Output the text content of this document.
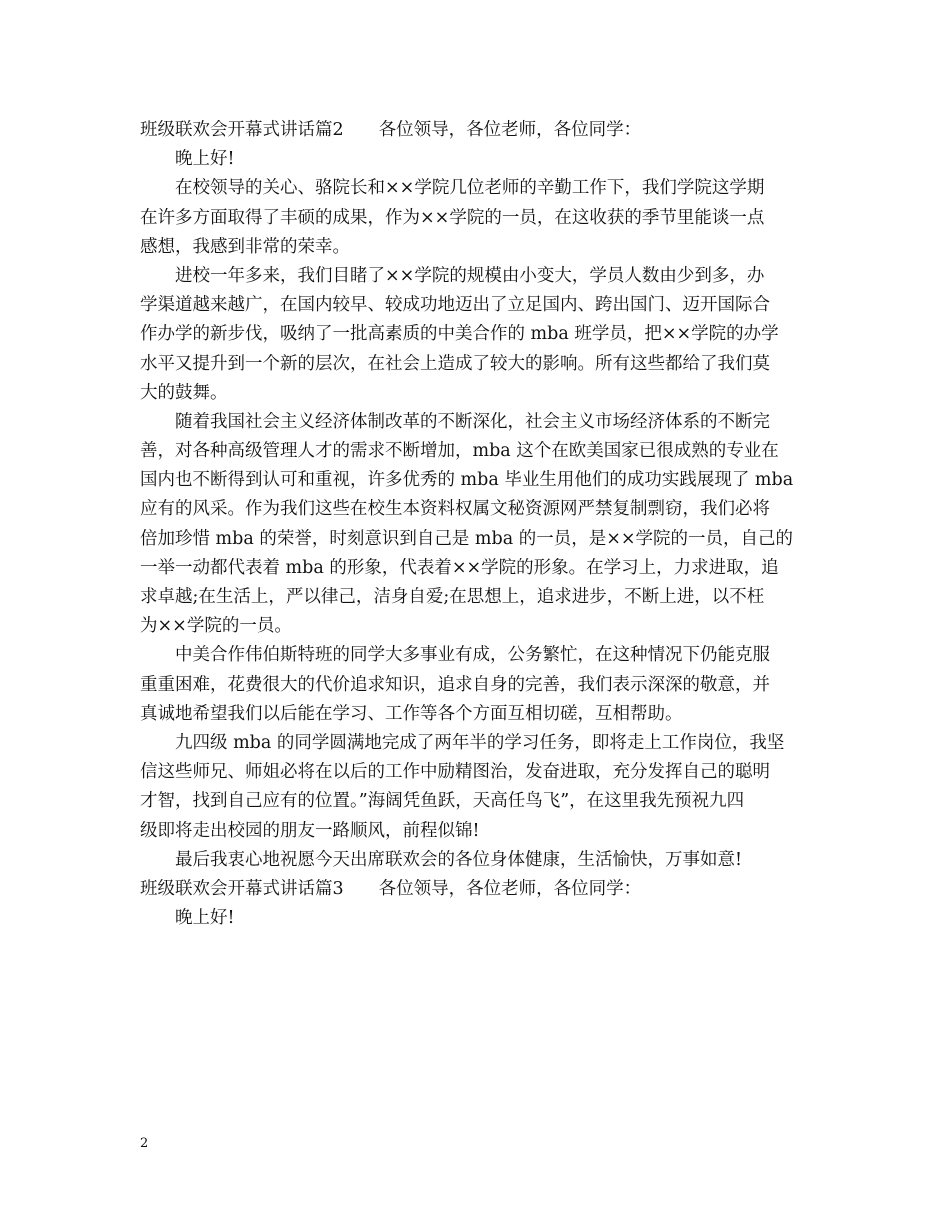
班级联欢会开幕式讲话篇2　　各位领导，各位老师，各位同学：
晚上好!
在校领导的关心、骆院长和××学院几位老师的辛勤工作下，我们学院这学期
在许多方面取得了丰硕的成果，作为××学院的一员，在这收获的季节里能谈一点
感想，我感到非常的荣幸。
进校一年多来，我们目睹了××学院的规模由小变大，学员人数由少到多，办
学渠道越来越广，在国内较早、较成功地迈出了立足国内、跨出国门、迈开国际合
作办学的新步伐，吸纳了一批高素质的中美合作的 mba 班学员，把××学院的办学
水平又提升到一个新的层次，在社会上造成了较大的影响。所有这些都给了我们莫
大的鼓舞。
随着我国社会主义经济体制改革的不断深化，社会主义市场经济体系的不断完
善，对各种高级管理人才的需求不断增加，mba 这个在欧美国家已很成熟的专业在
国内也不断得到认可和重视，许多优秀的 mba 毕业生用他们的成功实践展现了 mba
应有的风采。作为我们这些在校生本资料权属文秘资源网严禁复制剽窃，我们必将
倍加珍惜 mba 的荣誉，时刻意识到自己是 mba 的一员，是××学院的一员，自己的
一举一动都代表着 mba 的形象，代表着××学院的形象。在学习上，力求进取，追
求卓越;在生活上，严以律己，洁身自爱;在思想上，追求进步，不断上进，以不枉
为××学院的一员。
中美合作伟伯斯特班的同学大多事业有成，公务繁忙，在这种情况下仍能克服
重重困难，花费很大的代价追求知识，追求自身的完善，我们表示深深的敬意，并
真诚地希望我们以后能在学习、工作等各个方面互相切磋，互相帮助。
九四级 mba 的同学圆满地完成了两年半的学习任务，即将走上工作岗位，我坚
信这些师兄、师姐必将在以后的工作中励精图治，发奋进取，充分发挥自己的聪明
才智，找到自己应有的位置。”海阔凭鱼跃，天高任鸟飞”，在这里我先预祝九四
级即将走出校园的朋友一路顺风，前程似锦!
最后我衷心地祝愿今天出席联欢会的各位身体健康，生活愉快，万事如意!
班级联欢会开幕式讲话篇3　　各位领导，各位老师，各位同学：
晚上好!
2
